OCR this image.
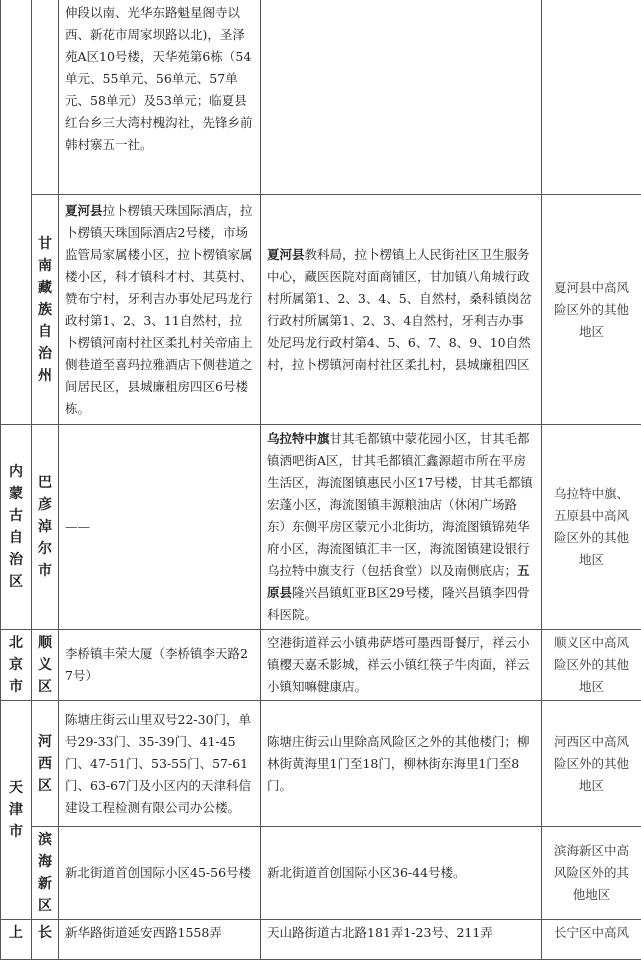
		伸段以南、光华东路魁星阁寺以西、新花市周家坝路以北)，圣泽苑A区10号楼，天华苑第6栋（54单元、55单元、56单元、57单元、58单元）及53单元；临夏县红台乡三大湾村槐沟社，先锋乡前韩村寨五一社。		
	甘南藏族自治州	夏河县拉卜楞镇天珠国际酒店，拉卜楞镇天珠国际酒店2号楼，市场监管局家属楼小区，拉卜楞镇家属楼小区，科才镇科才村、其莫村、赞布宁村，牙利吉办事处尼玛龙行政村第1、2、3、11自然村，拉卜楞镇河南村社区柔扎村关帝庙上侧巷道至喜玛拉雅酒店下侧巷道之间居民区，县城廉租房四区6号楼栋。	夏河县教科局，拉卜楞镇上人民街社区卫生服务中心，藏医医院对面商铺区，甘加镇八角城行政村所属第1、2、3、4、5、自然村，桑科镇岗岔行政村所属第1、2、3、4自然村，牙利吉办事处尼玛龙行政村第4、5、6、7、8、9、10自然村，拉卜楞镇河南村社区柔扎村，县城廉租四区	夏河县中高风险区外的其他地区
内蒙古自治区	巴彦淖尔市	——	乌拉特中旗甘其毛都镇中蒙花园小区，甘其毛都镇洒吧街A区，甘其毛都镇汇鑫源超市所在平房生活区，海流图镇惠民小区17号楼，甘其毛都镇宏蓬小区，海流图镇丰源粮油店（休闲广场路东）东侧平房区蒙元小北街坊，海流图镇锦苑华府小区，海流图镇汇丰一区，海流图镇建设银行乌拉特中旗支行（包括食堂）以及南侧底店；五原县隆兴昌镇虹亚B区29号楼，隆兴昌镇李四骨科医院。	乌拉特中旗、五原县中高风险区外的其他地区
北京市	顺义区	李桥镇丰荣大厦（李桥镇李天路27号）	空港街道祥云小镇弗萨塔可墨西哥餐厅，祥云小镇樱天嘉禾影城，祥云小镇红筷子牛肉面，祥云小镇知嘛健康店。	顺义区中高风险区外的其他地区
天津市	河西区	陈塘庄街云山里双号22-30门，单号29-33门、35-39门、41-45门、47-51门、53-55门、57-61门、63-67门及小区内的天津科信建设工程检测有限公司办公楼。	陈塘庄街云山里除高风险区之外的其他楼门；柳林街黄海里1门至18门，柳林街东海里1门至8门。	河西区中高风险区外的其他地区
	滨海新区	新北街道首创国际小区45-56号楼	新北街道首创国际小区36-44号楼。	滨海新区中高风险区外的其他地区
上	长	新华路街道延安西路1558弄	天山路街道古北路181弄1-23号、211弄	长宁区中高风
